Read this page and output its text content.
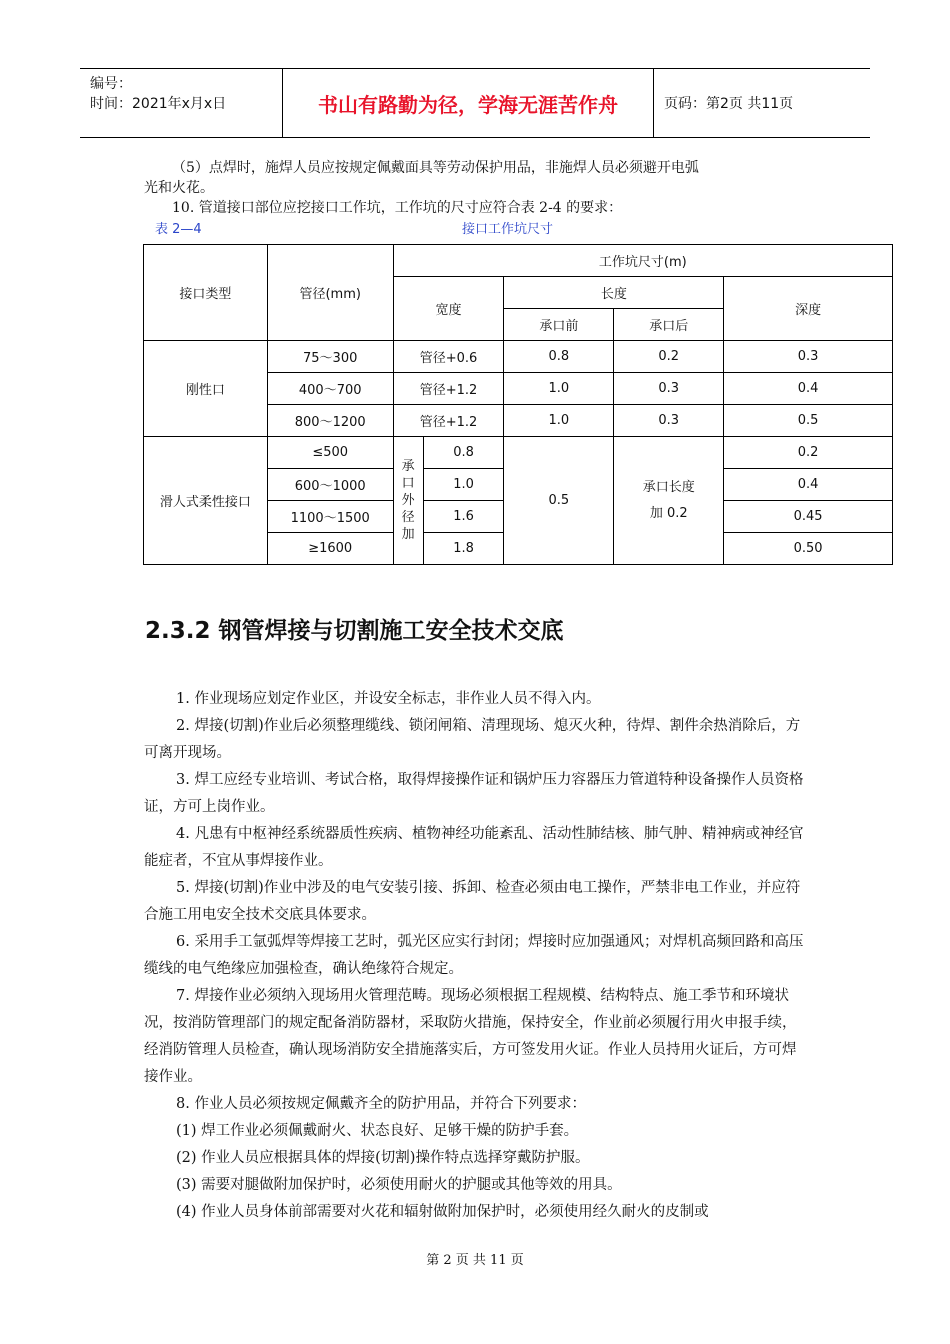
编号：
时间：2021年x月x日	书山有路勤为径，学海无涯苦作舟	页码：第2页 共11页
（5）点焊时，施焊人员应按规定佩戴面具等劳动保护用品，非施焊人员必须避开电弧
光和火花。
10. 管道接口部位应挖接口工作坑，工作坑的尺寸应符合表 2-4 的要求：
表 2—4	接口工作坑尺寸
接口类型	管径(mm)	工作坑尺寸(m)				
		宽度		长度		深度
				承口前	承口后	
刚性口	75～300	管径+0.6		0.8	0.2	0.3
	400～700	管径+1.2		1.0	0.3	0.4
	800～1200	管径+1.2		1.0	0.3	0.5
滑人式柔性接口	≤500	承口外径加	0.8	0.5	承口长度加 0.2	0.2
	600～1000		1.0			0.4
	1100～1500		1.6			0.45
	≥1600		1.8			0.50
2.3.2 钢管焊接与切割施工安全技术交底

1. 作业现场应划定作业区，并设安全标志，非作业人员不得入内。

2. 焊接(切割)作业后必须整理缆线、锁闭闸箱、清理现场、熄灭火种，待焊、割件余热消除后，方可离开现场。

3. 焊工应经专业培训、考试合格，取得焊接操作证和锅炉压力容器压力管道特种设备操作人员资格证，方可上岗作业。

4. 凡患有中枢神经系统器质性疾病、植物神经功能紊乱、活动性肺结核、肺气肿、精神病或神经官能症者，不宜从事焊接作业。

5. 焊接(切割)作业中涉及的电气安装引接、拆卸、检查必须由电工操作，严禁非电工作业，并应符合施工用电安全技术交底具体要求。

6. 采用手工氩弧焊等焊接工艺时，弧光区应实行封闭；焊接时应加强通风；对焊机高频回路和高压缆线的电气绝缘应加强检查，确认绝缘符合规定。

7. 焊接作业必须纳入现场用火管理范畴。现场必须根据工程规模、结构特点、施工季节和环境状况，按消防管理部门的规定配备消防器材，采取防火措施，保持安全，作业前必须履行用火申报手续，经消防管理人员检查，确认现场消防安全措施落实后，方可签发用火证。作业人员持用火证后，方可焊接作业。

8. 作业人员必须按规定佩戴齐全的防护用品，并符合下列要求：

(1) 焊工作业必须佩戴耐火、状态良好、足够干燥的防护手套。

(2) 作业人员应根据具体的焊接(切割)操作特点选择穿戴防护服。

(3) 需要对腿做附加保护时，必须使用耐火的护腿或其他等效的用具。

(4) 作业人员身体前部需要对火花和辐射做附加保护时，必须使用经久耐火的皮制或

第 2 页 共 11 页
